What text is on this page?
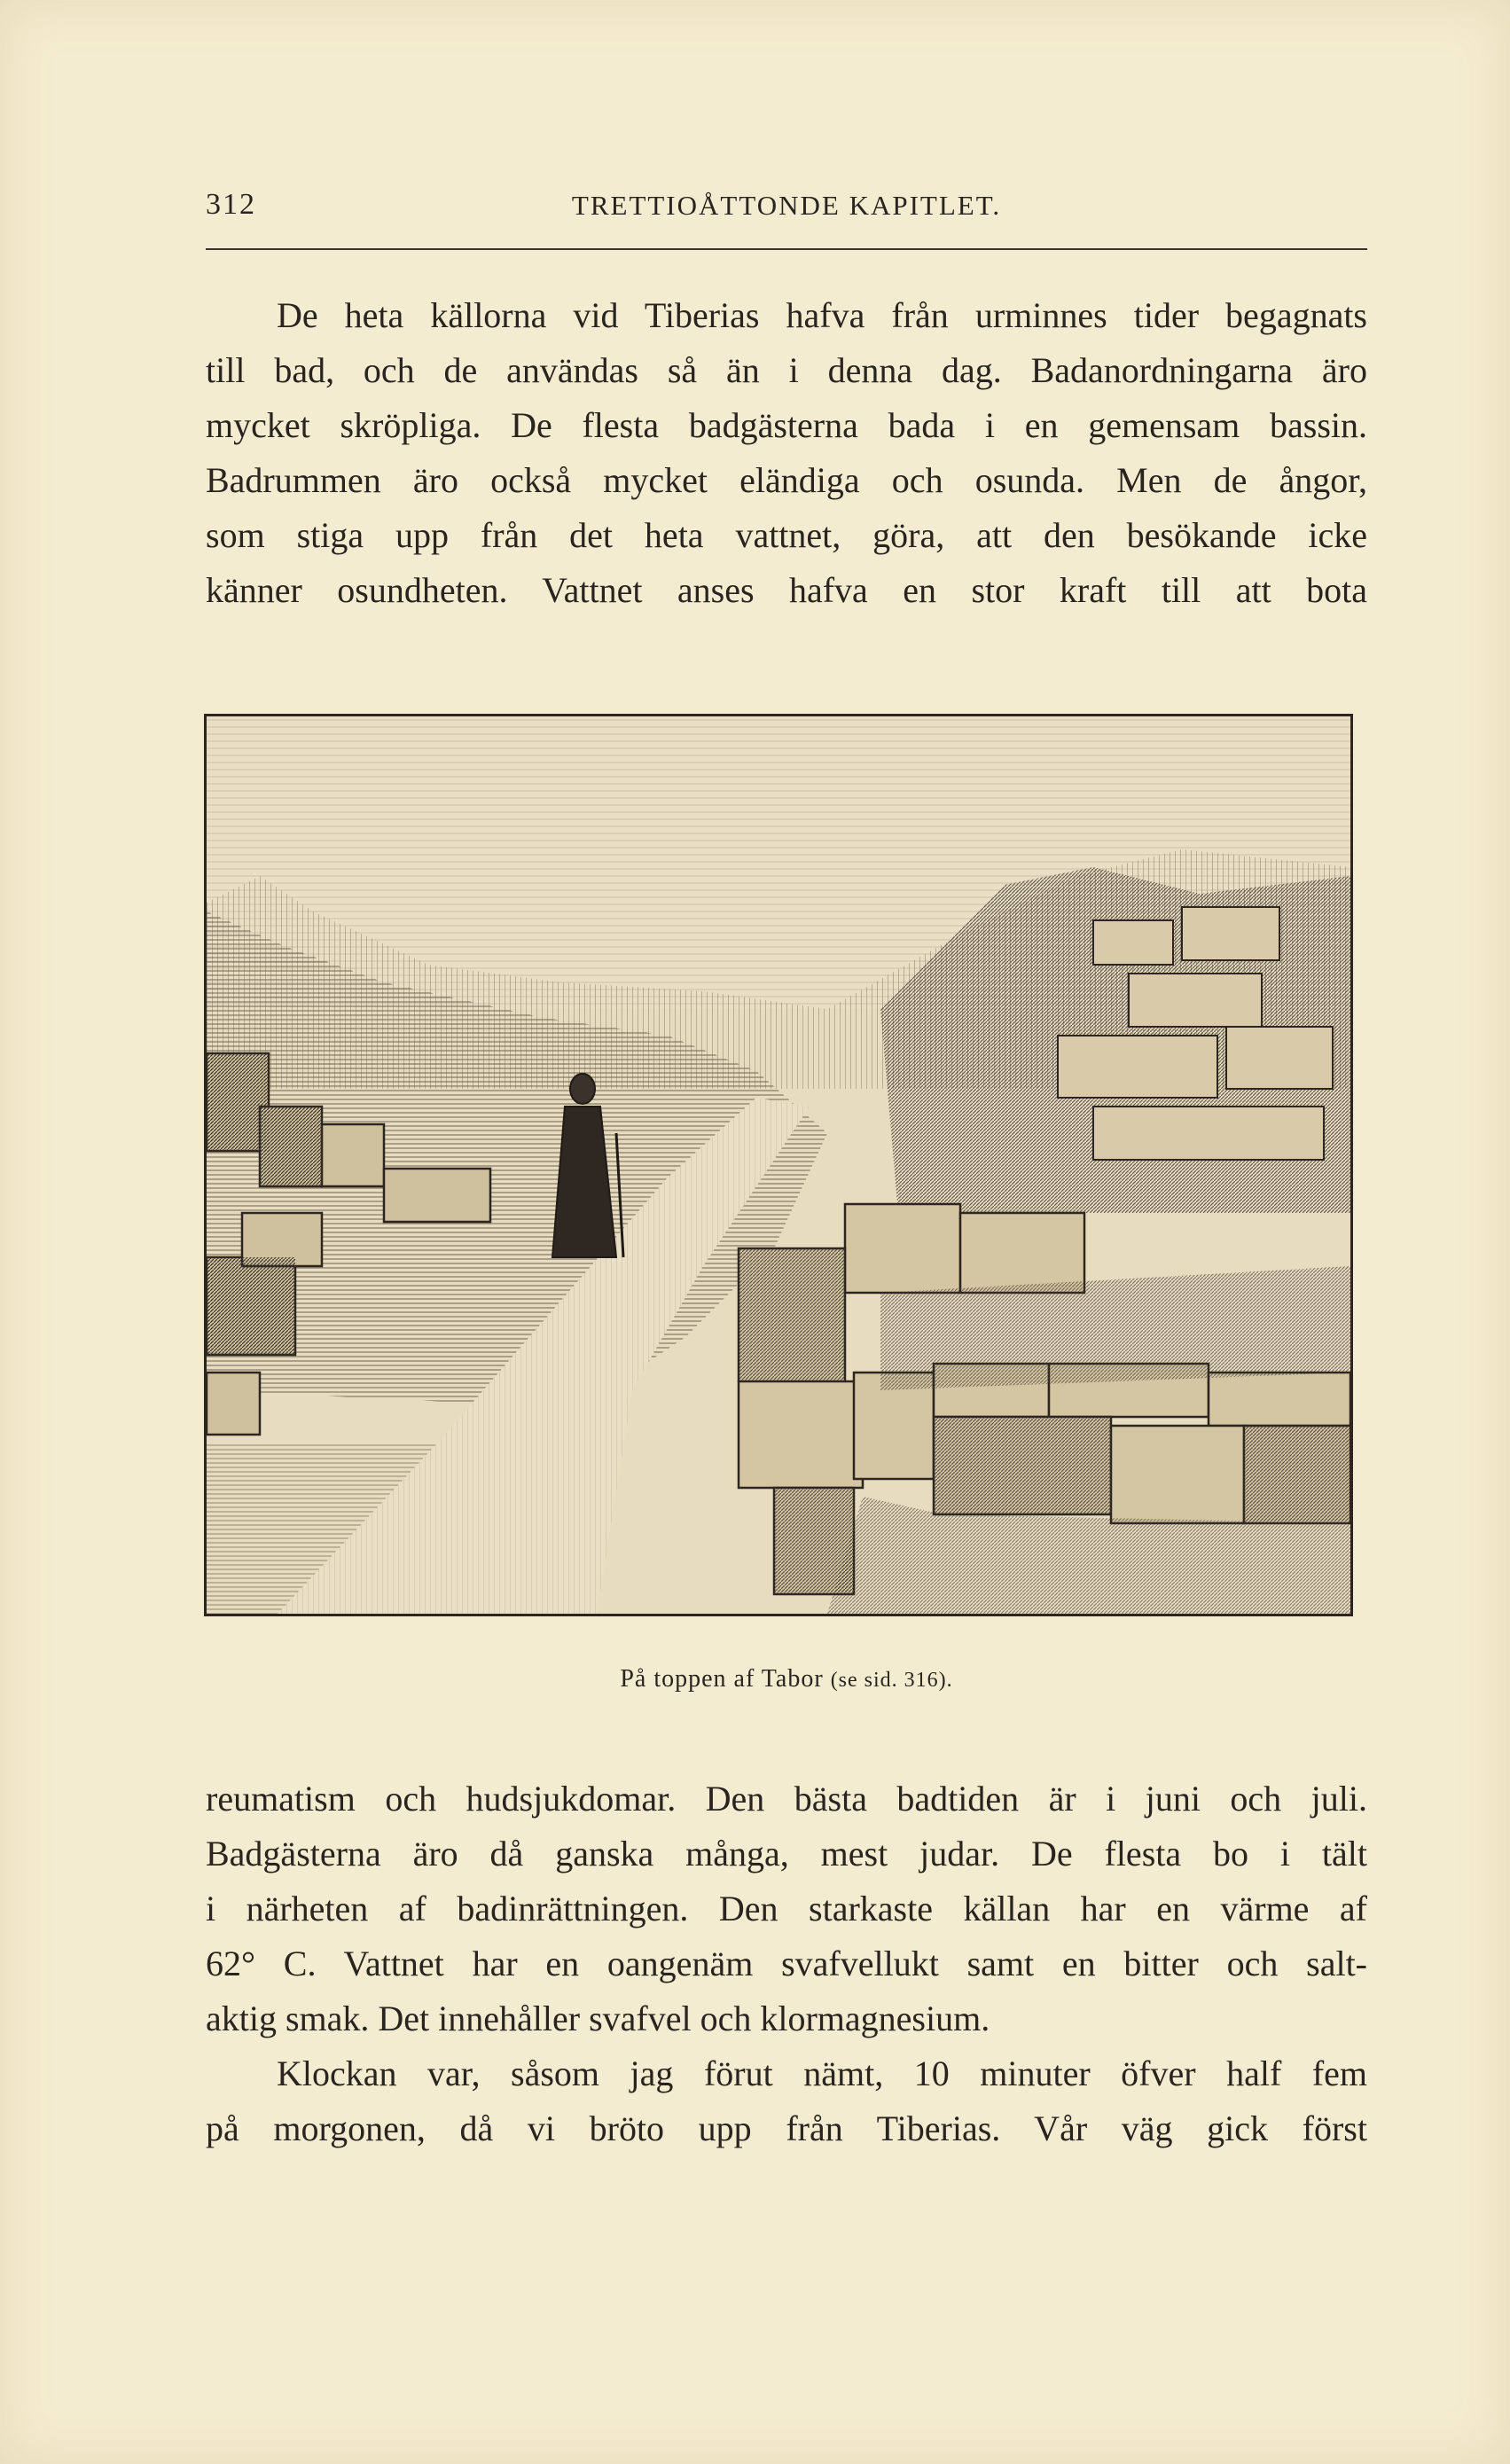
312	TRETTIOÅTTONDE KAPITLET.
De heta källorna vid Tiberias hafva från urminnes tider begagnats
till bad, och de användas så än i denna dag. Badanordningarna äro
mycket skröpliga. De flesta badgästerna bada i en gemensam bassin.
Badrummen äro också mycket eländiga och osunda. Men de ångor,
som stiga upp från det heta vattnet, göra, att den besökande icke
känner osundheten. Vattnet anses hafva en stor kraft till att bota
På toppen af Tabor (se sid. 316).
reumatism och hudsjukdomar. Den bästa badtiden är i juni och juli.
Badgästerna äro då ganska många, mest judar. De flesta bo i tält
i närheten af badinrättningen. Den starkaste källan har en värme af
62° C. Vattnet har en oangenäm svafvellukt samt en bitter och salt-
aktig smak. Det innehåller svafvel och klormagnesium.
Klockan var, såsom jag förut nämt, 10 minuter öfver half fem
på morgonen, då vi bröto upp från Tiberias. Vår väg gick först
